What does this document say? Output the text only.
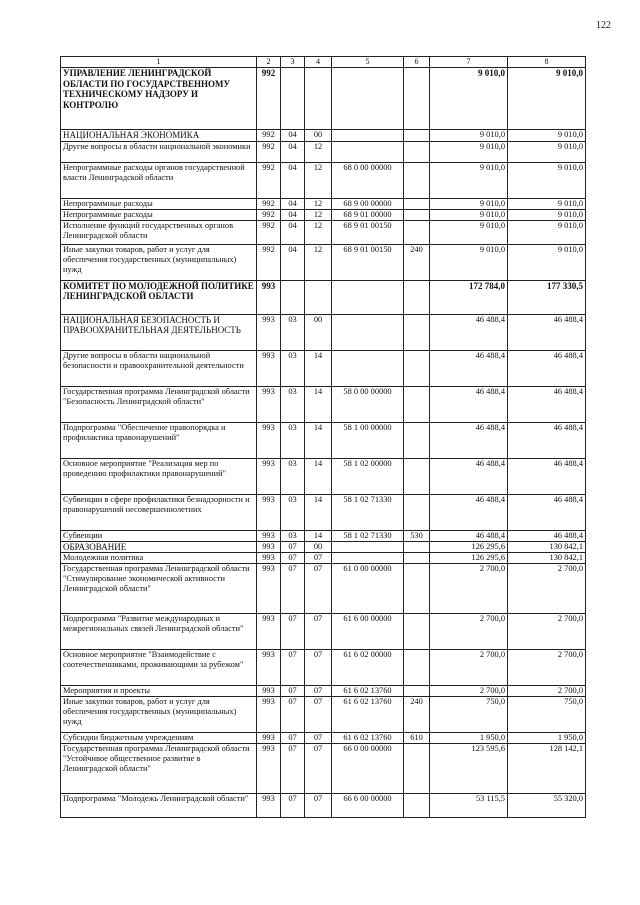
122
1	2	3	4	5	6	7	8
УПРАВЛЕНИЕ ЛЕНИНГРАДСКОЙ ОБЛАСТИ ПО ГОСУДАРСТВЕННОМУ ТЕХНИЧЕСКОМУ НАДЗОРУ И КОНТРОЛЮ	992					9 010,0	9 010,0
НАЦИОНАЛЬНАЯ ЭКОНОМИКА	992	04	00			9 010,0	9 010,0
Другие вопросы в области национальной экономики	992	04	12			9 010,0	9 010,0
Непрограммные расходы органов государственной власти Ленинградской области	992	04	12	68 0 00 00000		9 010,0	9 010,0
Непрограммные расходы	992	04	12	68 9 00 00000		9 010,0	9 010,0
Непрограммные расходы	992	04	12	68 9 01 00000		9 010,0	9 010,0
Исполнение функций государственных органов Ленинградской области	992	04	12	68 9 01 00150		9 010,0	9 010,0
Иные закупки товаров, работ и услуг для обеспечения государственных (муниципальных) нужд	992	04	12	68 9 01 00150	240	9 010,0	9 010,0
КОМИТЕТ ПО МОЛОДЕЖНОЙ ПОЛИТИКЕ ЛЕНИНГРАДСКОЙ ОБЛАСТИ	993					172 784,0	177 330,5
НАЦИОНАЛЬНАЯ БЕЗОПАСНОСТЬ И ПРАВООХРАНИТЕЛЬНАЯ ДЕЯТЕЛЬНОСТЬ	993	03	00			46 488,4	46 488,4
Другие вопросы в области национальной безопасности и правоохранительной деятельности	993	03	14			46 488,4	46 488,4
Государственная программа Ленинградской области "Безопасность Ленинградской области"	993	03	14	58 0 00 00000		46 488,4	46 488,4
Подпрограмма "Обеспечение правопорядка и профилактика правонарушений"	993	03	14	58 1 00 00000		46 488,4	46 488,4
Основное мероприятие "Реализация мер по проведению профилактики правонарушений"	993	03	14	58 1 02 00000		46 488,4	46 488,4
Субвенции в сфере профилактики безнадзорности и правонарушений несовершеннолетних	993	03	14	58 1 02 71330		46 488,4	46 488,4
Субвенции	993	03	14	58 1 02 71330	530	46 488,4	46 488,4
ОБРАЗОВАНИЕ	993	07	00			126 295,6	130 842,1
Молодежная политика	993	07	07			126 295,6	130 842,1
Государственная программа Ленинградской области "Стимулирование экономической активности Ленинградской области"	993	07	07	61 0 00 00000		2 700,0	2 700,0
Подпрограмма "Развитие международных и межрегиональных связей Ленинградской области"	993	07	07	61 6 00 00000		2 700,0	2 700,0
Основное мероприятие "Взаимодействие с соотечественниками, проживающими за рубежом"	993	07	07	61 6 02 00000		2 700,0	2 700,0
Мероприятия и проекты	993	07	07	61 6 02 13760		2 700,0	2 700,0
Иные закупки товаров, работ и услуг для обеспечения государственных (муниципальных) нужд	993	07	07	61 6 02 13760	240	750,0	750,0
Субсидии бюджетным учреждениям	993	07	07	61 6 02 13760	610	1 950,0	1 950,0
Государственная программа Ленинградской области "Устойчивое общественное развитие в Ленинградской области"	993	07	07	66 0 00 00000		123 595,6	128 142,1
Подпрограмма "Молодежь Ленинградской области"	993	07	07	66 6 00 00000		53 115,5	55 320,0
